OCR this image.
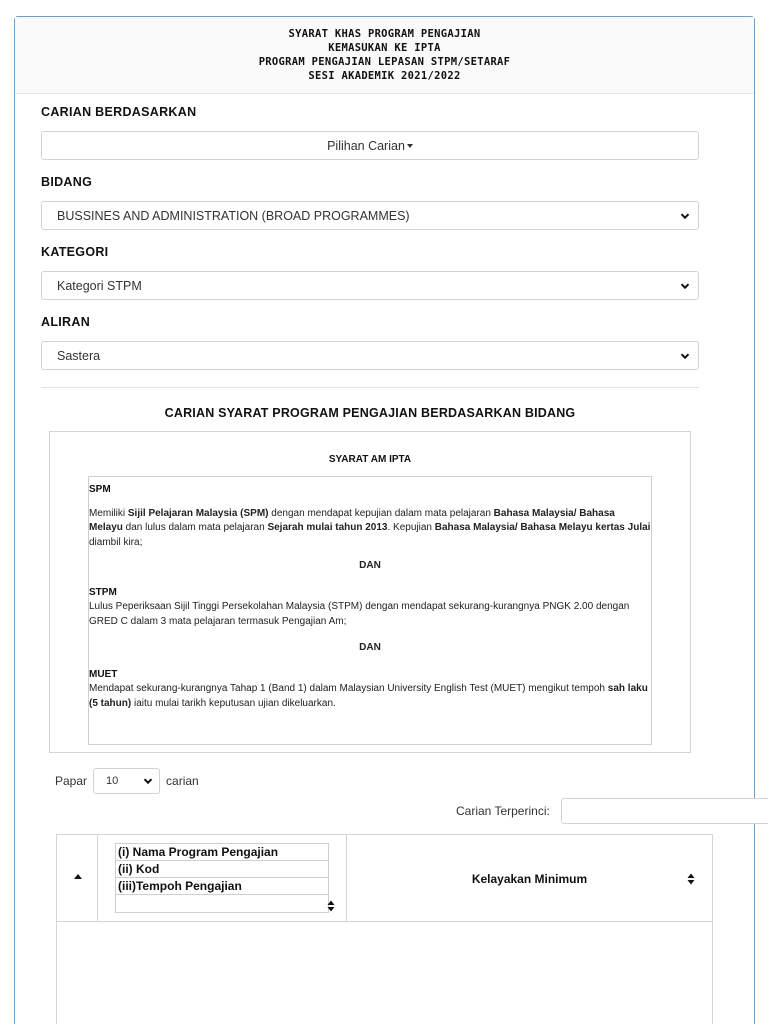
SYARAT KHAS PROGRAM PENGAJIAN
KEMASUKAN KE IPTA
PROGRAM PENGAJIAN LEPASAN STPM/SETARAF
SESI AKADEMIK 2021/2022
CARIAN BERDASARKAN
Pilihan Carian
BIDANG
BUSSINES AND ADMINISTRATION (BROAD PROGRAMMES)
KATEGORI
Kategori STPM
ALIRAN
Sastera
CARIAN SYARAT PROGRAM PENGAJIAN BERDASARKAN BIDANG
SYARAT AM IPTA

SPM

Memiliki Sijil Pelajaran Malaysia (SPM) dengan mendapat kepujian dalam mata pelajaran Bahasa Malaysia/ Bahasa Melayu dan lulus dalam mata pelajaran Sejarah mulai tahun 2013. Kepujian Bahasa Malaysia/ Bahasa Melayu kertas Julai diambil kira;

DAN

STPM

Lulus Peperiksaan Sijil Tinggi Persekolahan Malaysia (STPM) dengan mendapat sekurang-kurangnya PNGK 2.00 dengan GRED C dalam 3 mata pelajaran termasuk Pengajian Am;

DAN

MUET

Mendapat sekurang-kurangnya Tahap 1 (Band 1) dalam Malaysian University English Test (MUET) mengikut tempoh sah laku (5 tahun) iaitu mulai tarikh keputusan ujian dikeluarkan.

Papar 10	carian
Carian Terperinci:
(i) Nama Program Pengajian
(ii) Kod
(iii)Tempoh Pengajian	Kelayakan Minimum
